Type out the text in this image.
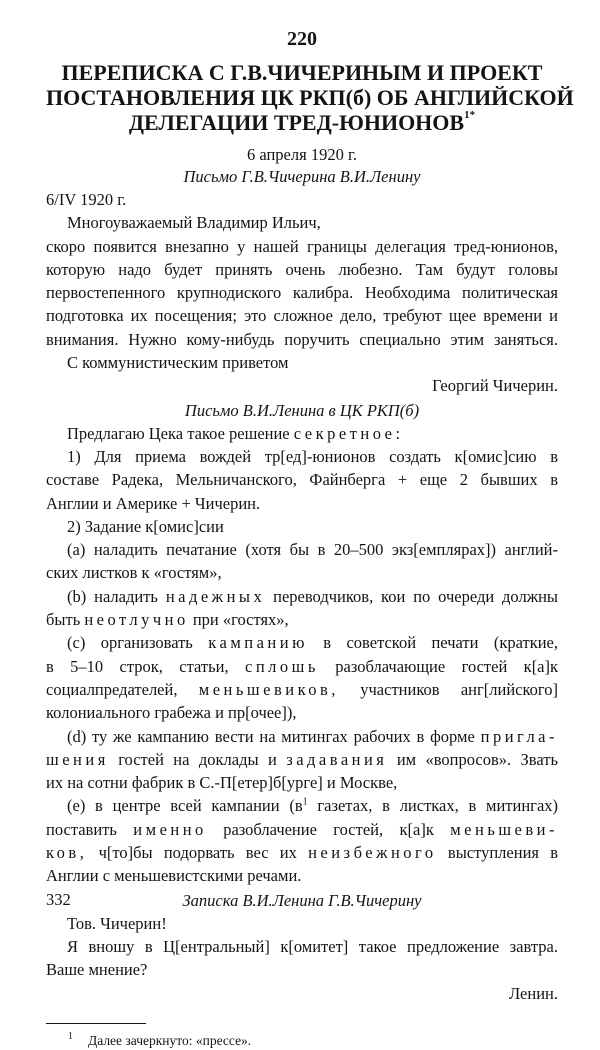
220
ПЕРЕПИСКА С Г.В.ЧИЧЕРИНЫМ И ПРОЕКТ
ПОСТАНОВЛЕНИЯ ЦК РКП(б) ОБ АНГЛИЙСКОЙ
ДЕЛЕГАЦИИ ТРЕД-$ЮНИОНОВ^{1*}$
6 апреля 1920 г.
Письмо Г.В.Чичерина В.И.Ленину
6/IV 1920 г.
Многоуважаемый Владимир Ильич,
скоро появится внезапно у нашей границы делегация тред-юнионов,
которую надо будет принять очень любезно. Там будут головы
первостепенного крупнодиского калибра. Необходима политическая
подготовка их посещения; это сложное дело, требуют щее времени и
внимания. Нужно кому-нибудь поручить специально этим заняться.
С коммунистическим приветом
Георгий Чичерин.
Письмо В.И.Ленина в ЦК РКП(б)
Предлагаю Цека такое решение секретное:
1) Для приема вождей тр[ед]-юнионов создать к[омис]сию в
составе Радека, Мельничанского, Файнберга + еще 2 бывших в
Англии и Америке + Чичерин.
2) Задание к[омис]сии
(а) наладить печатание (хотя бы в 20–500 экз[емплярах]) англий-
ских листков к «гостям»,
(b) наладить надежных переводчиков, кои по очереди должны
быть неотлучно при «гостях»,
(с) организовать кампанию в советской печати (краткие,
в 5–10 строк, статьи, сплошь разоблачающие гостей к[а]к
социалпредателей, меньшевиков, участников анг[лийского]
колониального грабежа и пр[очее]),
(d) ту же кампанию вести на митингах рабочих в форме пригла-
шения гостей на доклады и задавания им «вопросов». Звать
их на сотни фабрик в С.-П[етер]б[урге] и Москве,
(е) в центре всей кампании ($в^1$ газетах, в листках, в митингах)
поставить именно разоблачение гостей, к[а]к меньшеви-
ков, ч[то]бы подорвать вес их неизбежного выступления в
Англии с меньшевистскими речами.
Записка В.И.Ленина Г.В.Чичерину
Тов. Чичерин!
Я вношу в Ц[ентральный] к[омитет] такое предложение завтра.
Ваше мнение?
Ленин.
1 Далее зачеркнуто: «прессе».
332
